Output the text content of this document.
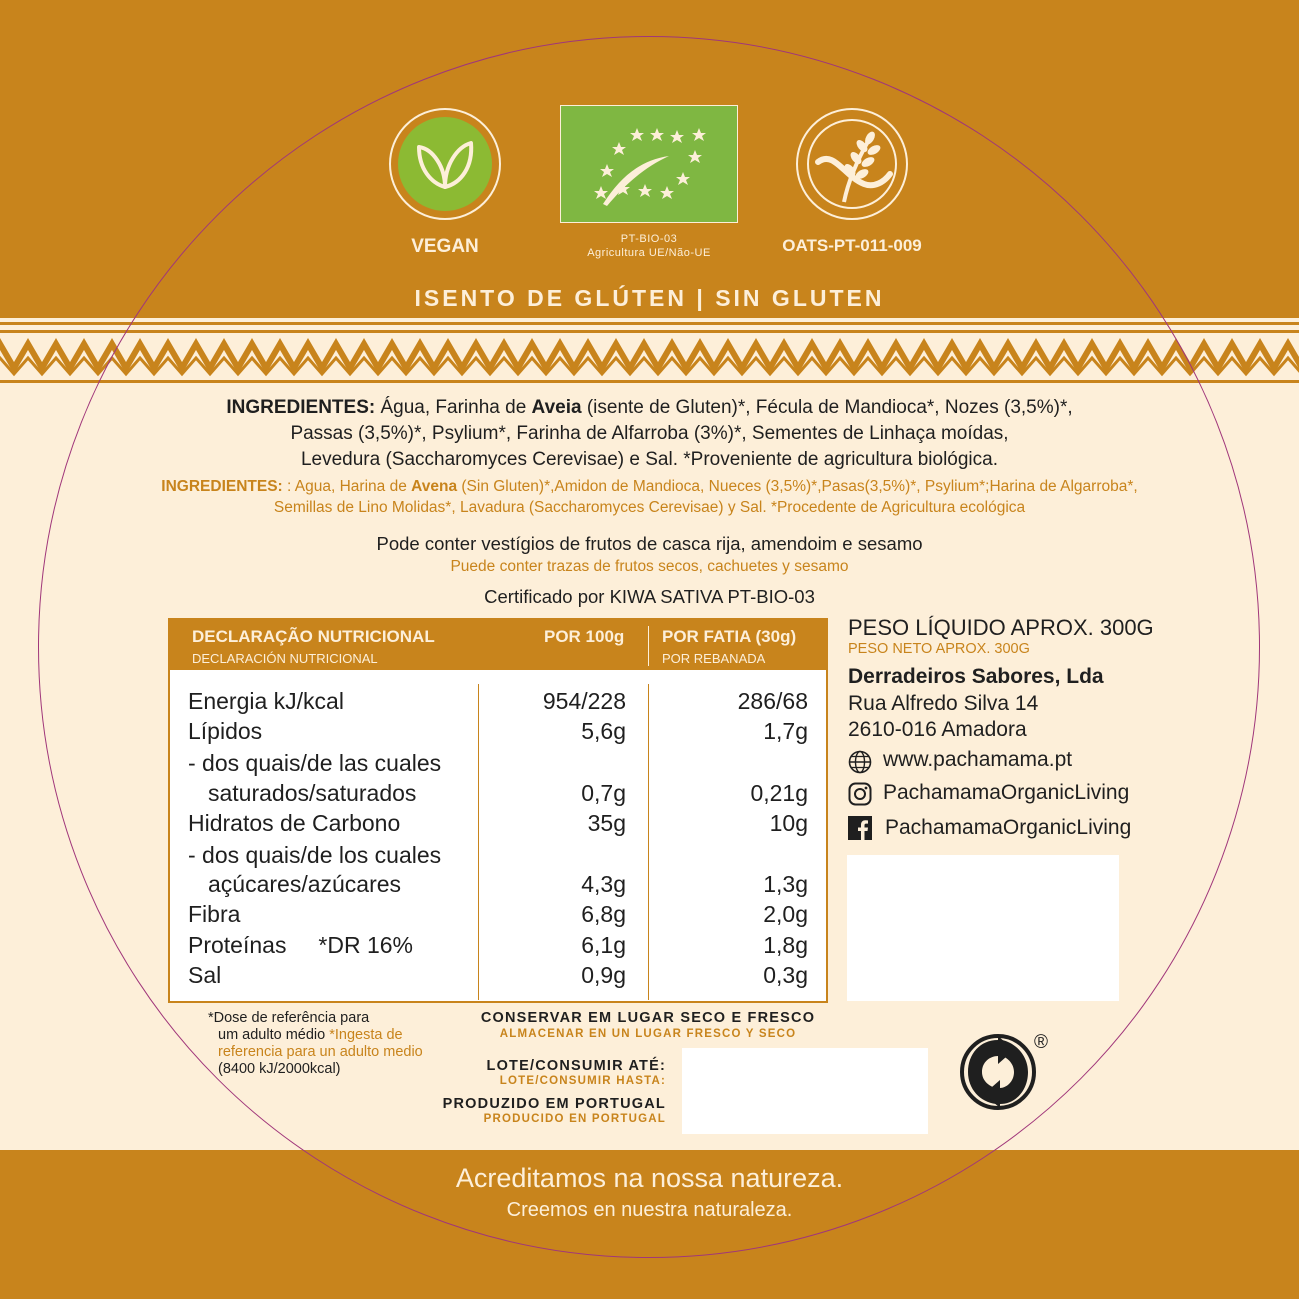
VEGAN	PT-BIO-03
Agricultura UE/Não-UE	OATS-PT-011-009
ISENTO DE GLÚTEN | SIN GLUTEN
INGREDIENTES: Água, Farinha de Aveia (isente de Gluten)*, Fécula de Mandioca*, Nozes (3,5%)*,
Passas (3,5%)*, Psylium*, Farinha de Alfarroba (3%)*, Sementes de Linhaça moídas,
Levedura (Saccharomyces Cerevisae) e Sal. *Proveniente de agricultura biológica.
INGREDIENTES: : Agua, Harina de Avena (Sin Gluten)*,Amidon de Mandioca, Nueces (3,5%)*,Pasas(3,5%)*, Psylium*;Harina de Algarroba*,
Semillas de Lino Molidas*, Lavadura (Saccharomyces Cerevisae) y Sal. *Procedente de Agricultura ecológica
Pode conter vestígios de frutos de casca rija, amendoim e sesamo
Puede conter trazas de frutos secos, cachuetes y sesamo
Certificado por KIWA SATIVA PT-BIO-03
DECLARAÇÃO NUTRICIONAL
DECLARACIÓN NUTRICIONAL
POR 100g POR FATIA (30g)
POR REBANADA
Energia kJ/kcal	954/228	286/68
Lípidos	5,6g	1,7g
- dos quais/de las cuales
saturados/saturados	0,7g	0,21g
Hidratos de Carbono	35g	10g
- dos quais/de los cuales
açúcares/azúcares	4,3g	1,3g
Fibra	6,8g	2,0g
Proteínas     *DR 16%	6,1g	1,8g
Sal	0,9g	0,3g
*Dose de referência para
um adulto médio *Ingesta de
referencia para un adulto medio
(8400 kJ/2000kcal)
CONSERVAR EM LUGAR SECO E FRESCO
ALMACENAR EN UN LUGAR FRESCO Y SECO
LOTE/CONSUMIR ATÉ:
LOTE/CONSUMIR HASTA:
PRODUZIDO EM PORTUGAL
PRODUCIDO EN PORTUGAL
PESO LÍQUIDO APROX. 300G
PESO NETO APROX. 300G
Derradeiros Sabores, Lda
Rua Alfredo Silva 14
2610-016 Amadora
www.pachamama.pt
PachamamaOrganicLiving
PachamamaOrganicLiving
®
Acreditamos na nossa natureza.
Creemos en nuestra naturaleza.
